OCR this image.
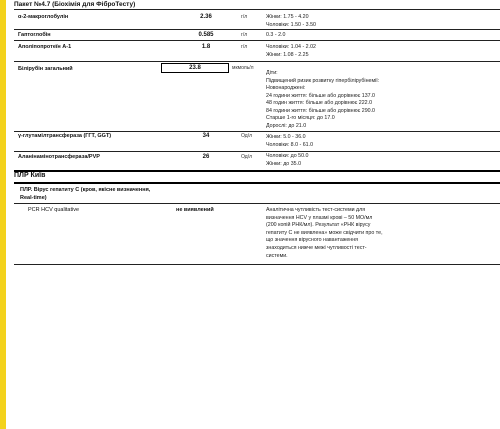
Пакет №4.7 (Біохімія для ФіброТесту)
α-2-макроглобулін	2.36	г/л	Жінки: 1.75 - 4.20
Чоловіки: 1.50 - 3.50
Гаптоглобін	0.585	г/л	0.3 - 2.0
Аполіпопротеїн А-1	1.8	г/л	Чоловіки: 1.04 - 2.02
Жінки: 1.08 - 2.25
Білірубін загальний	23.8	мкмоль/л
Діти:
Підвищений ризик розвитку гіпербілірубінемії:
Новонароджені:
24 години життя: більше або дорівнює 137.0
48 годин життя: більше або дорівнює 222.0
84 години життя: більше або дорівнює 290.0
Старше 1-го місяця: до 17.0
Дорослі: до 21.0
γ-глутамілтрансфераза (ГГТ, GGT)	34	Од/л	Жінки: 5.0 - 36.0
Чоловіки: 8.0 - 61.0
Аланінамінотрансфераза/PVP	26	Од/л	Чоловіки: до 50.0
Жінки: до 35.0
ПЛР Київ
ПЛР. Вірус гепатиту С (кров, якісне визначення, Real-time)
PCR HCV qualitative	не виявлений	Аналітична чутливість тест-системи для визначення HCV у плазмі крові – 50 МО/мл (200 копій РНК/мл). Результат «РНК вірусу гепатиту С не виявлена» може свідчити про те, що значення вірусного навантаження знаходиться нижче межі чутливості тест-системи.
